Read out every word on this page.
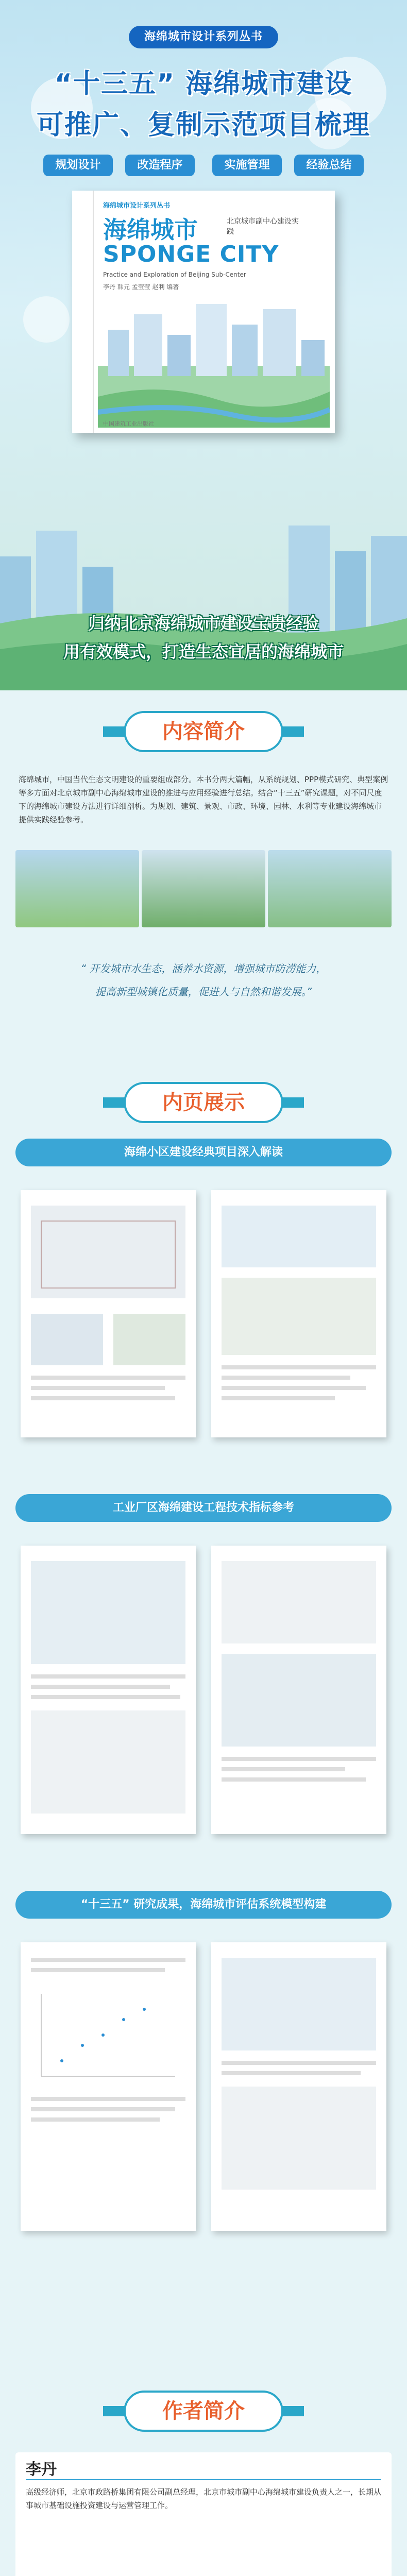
海绵城市设计系列丛书
“十三五” 海绵城市建设
可推广、复制示范项目梳理
规划设计	改造程序	实施管理	经验总结
海绵城市设计系列丛书
海绵城市
SPONGE CITY
北京城市副中心建设实践
Practice and Exploration of Beijing Sub-Center
李丹 韩元 孟莹莹 赵利 编著
中国建筑工业出版社
归纳北京海绵城市建设宝贵经验
用有效模式，打造生态宜居的海绵城市
内容简介
海绵城市，中国当代生态文明建设的重要组成部分。本书分两大篇幅，从系统规划、PPP模式研究、典型案例等多方面对北京城市副中心海绵城市建设的推进与应用经验进行总结。结合“十三五”研究课题，对不同尺度下的海绵城市建设方法进行详细剖析。为规划、建筑、景观、市政、环境、园林、水利等专业建设海绵城市提供实践经验参考。
“ 开发城市水生态，涵养水资源，增强城市防涝能力，
提高新型城镇化质量，促进人与自然和谐发展。”
内页展示
海绵小区建设经典项目深入解读
工业厂区海绵建设工程技术指标参考
“十三五” 研究成果，海绵城市评估系统模型构建
作者简介
李丹

高级经济师，北京市政路桥集团有限公司副总经理，北京市城市副中心海绵城市建设负责人之一，长期从事城市基础设施投资建设与运营管理工作。
